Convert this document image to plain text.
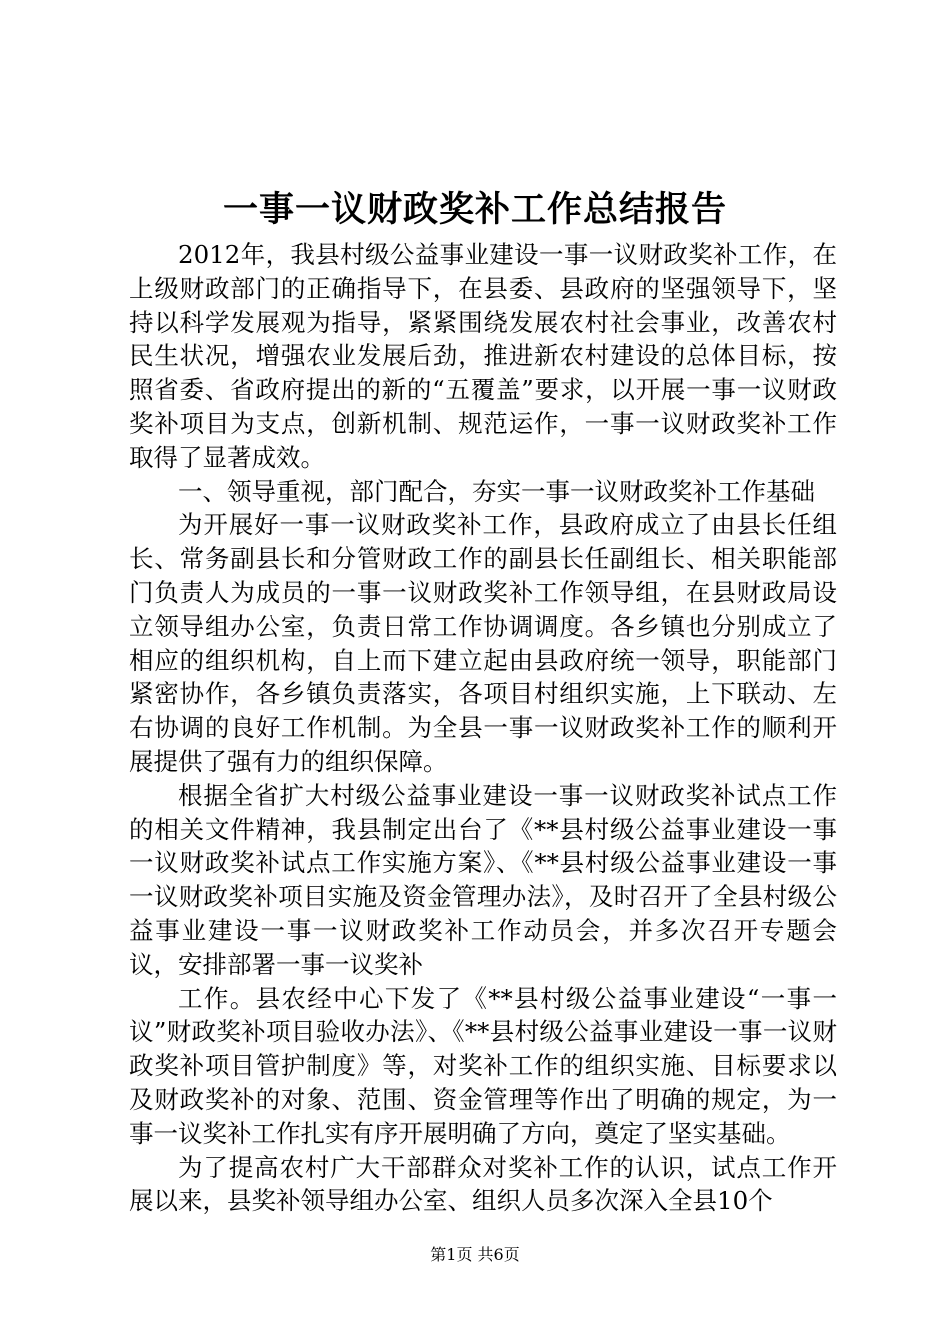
一事一议财政奖补工作总结报告

2012年，我县村级公益事业建设一事一议财政奖补工作，在上级财政部门的正确指导下，在县委、县政府的坚强领导下，坚持以科学发展观为指导，紧紧围绕发展农村社会事业，改善农村民生状况，增强农业发展后劲，推进新农村建设的总体目标，按照省委、省政府提出的新的“五覆盖”要求，以开展一事一议财政奖补项目为支点，创新机制、规范运作，一事一议财政奖补工作取得了显著成效。

一、领导重视，部门配合，夯实一事一议财政奖补工作基础

为开展好一事一议财政奖补工作，县政府成立了由县长任组长、常务副县长和分管财政工作的副县长任副组长、相关职能部门负责人为成员的一事一议财政奖补工作领导组，在县财政局设立领导组办公室，负责日常工作协调调度。各乡镇也分别成立了相应的组织机构，自上而下建立起由县政府统一领导，职能部门紧密协作，各乡镇负责落实，各项目村组织实施，上下联动、左右协调的良好工作机制。为全县一事一议财政奖补工作的顺利开展提供了强有力的组织保障。

根据全省扩大村级公益事业建设一事一议财政奖补试点工作的相关文件精神，我县制定出台了《**县村级公益事业建设一事一议财政奖补试点工作实施方案》、《**县村级公益事业建设一事一议财政奖补项目实施及资金管理办法》，及时召开了全县村级公益事业建设一事一议财政奖补工作动员会，并多次召开专题会议，安排部署一事一议奖补

工作。县农经中心下发了《**县村级公益事业建设“一事一议”财政奖补项目验收办法》、《**县村级公益事业建设一事一议财政奖补项目管护制度》等，对奖补工作的组织实施、目标要求以及财政奖补的对象、范围、资金管理等作出了明确的规定，为一事一议奖补工作扎实有序开展明确了方向，奠定了坚实基础。

为了提高农村广大干部群众对奖补工作的认识，试点工作开展以来，县奖补领导组办公室、组织人员多次深入全县10个

第1页 共6页
